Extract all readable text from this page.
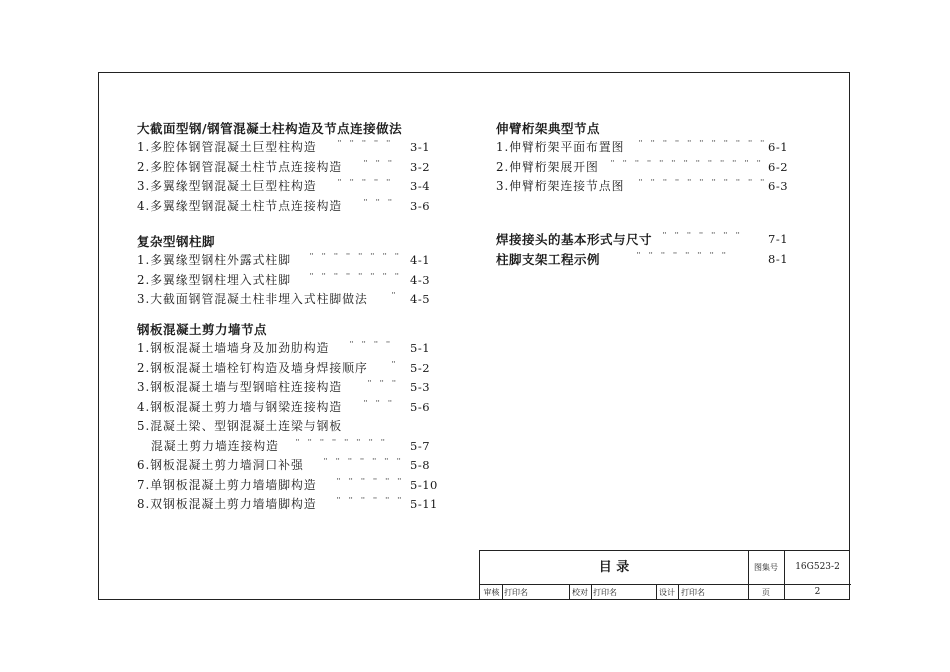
大截面型钢/钢管混凝土柱构造及节点连接做法
1.多腔体钢管混凝土巨型柱构造 ¨ ¨ ¨ ¨ ¨ 3-1
2.多腔体钢管混凝土柱节点连接构造 ¨ ¨ ¨ 3-2
3.多翼缘型钢混凝土巨型柱构造 ¨ ¨ ¨ ¨ ¨ 3-4
4.多翼缘型钢混凝土柱节点连接构造 ¨ ¨ ¨ 3-6
复杂型钢柱脚
1.多翼缘型钢柱外露式柱脚 ¨ ¨ ¨ ¨ ¨ ¨ ¨ ¨ 4-1
2.多翼缘型钢柱埋入式柱脚 ¨ ¨ ¨ ¨ ¨ ¨ ¨ ¨ 4-3
3.大截面钢管混凝土柱非埋入式柱脚做法 ¨ 4-5
钢板混凝土剪力墙节点
1.钢板混凝土墙墙身及加劲肋构造 ¨ ¨ ¨ ¨ 5-1
2.钢板混凝土墙栓钉构造及墙身焊接顺序 ¨ 5-2
3.钢板混凝土墙与型钢暗柱连接构造 ¨ ¨ ¨ 5-3
4.钢板混凝土剪力墙与钢梁连接构造 ¨ ¨ ¨ 5-6
5.混凝土梁、型钢混凝土连梁与钢板
混凝土剪力墙连接构造 ¨ ¨ ¨ ¨ ¨ ¨ ¨ ¨ 5-7
6.钢板混凝土剪力墙洞口补强 ¨ ¨ ¨ ¨ ¨ ¨ ¨ 5-8
7.单钢板混凝土剪力墙墙脚构造 ¨ ¨ ¨ ¨ ¨ ¨ 5-10
8.双钢板混凝土剪力墙墙脚构造 ¨ ¨ ¨ ¨ ¨ ¨ 5-11
伸臂桁架典型节点
1.伸臂桁架平面布置图 ¨ ¨ ¨ ¨ ¨ ¨ ¨ ¨ ¨ ¨ ¨ 6-1
2.伸臂桁架展开图 ¨ ¨ ¨ ¨ ¨ ¨ ¨ ¨ ¨ ¨ ¨ ¨ ¨ 6-2
3.伸臂桁架连接节点图 ¨ ¨ ¨ ¨ ¨ ¨ ¨ ¨ ¨ ¨ ¨ 6-3
焊接接头的基本形式与尺寸 ¨ ¨ ¨ ¨ ¨ ¨ ¨ 7-1
柱脚支架工程示例	¨ ¨ ¨ ¨ ¨ ¨ ¨ ¨	8-1
目 录	图集号	16G523-2
审核 打印名	校对 打印名	设计 打印名	页	2
